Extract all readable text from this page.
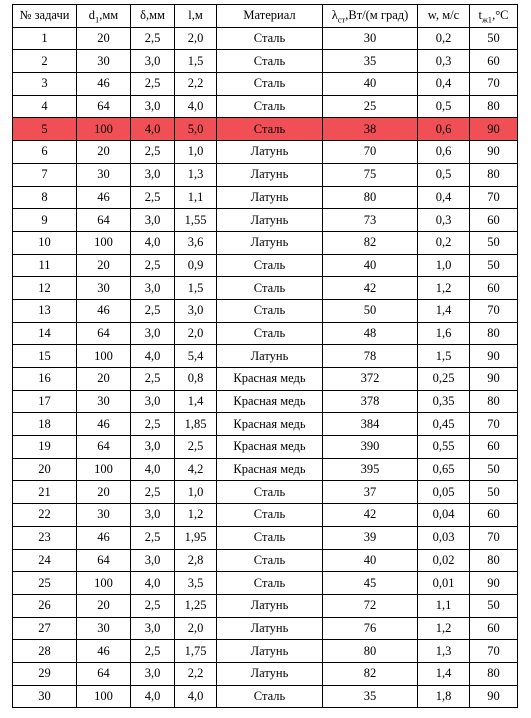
№ задачи	$d_1,мм$	δ,мм	l,м	Материал	$\lambda_{ст},Вт/(м$ град)	w, м/с	$t_{ж1},^\circ С$
1	20	2,5	2,0	Сталь	30	0,2	50
2	30	3,0	1,5	Сталь	35	0,3	60
3	46	2,5	2,2	Сталь	40	0,4	70
4	64	3,0	4,0	Сталь	25	0,5	80
5	100	4,0	5,0	Сталь	38	0,6	90
6	20	2,5	1,0	Латунь	70	0,6	90
7	30	3,0	1,3	Латунь	75	0,5	80
8	46	2,5	1,1	Латунь	80	0,4	70
9	64	3,0	1,55	Латунь	73	0,3	60
10	100	4,0	3,6	Латунь	82	0,2	50
11	20	2,5	0,9	Сталь	40	1,0	50
12	30	3,0	1,5	Сталь	42	1,2	60
13	46	2,5	3,0	Сталь	50	1,4	70
14	64	3,0	2,0	Сталь	48	1,6	80
15	100	4,0	5,4	Латунь	78	1,5	90
16	20	2,5	0,8	Красная медь	372	0,25	90
17	30	3,0	1,4	Красная медь	378	0,35	80
18	46	2,5	1,85	Красная медь	384	0,45	70
19	64	3,0	2,5	Красная медь	390	0,55	60
20	100	4,0	4,2	Красная медь	395	0,65	50
21	20	2,5	1,0	Сталь	37	0,05	50
22	30	3,0	1,2	Сталь	42	0,04	60
23	46	2,5	1,95	Сталь	39	0,03	70
24	64	3,0	2,8	Сталь	40	0,02	80
25	100	4,0	3,5	Сталь	45	0,01	90
26	20	2,5	1,25	Латунь	72	1,1	50
27	30	3,0	2,0	Латунь	76	1,2	60
28	46	2,5	1,75	Латунь	80	1,3	70
29	64	3,0	2,2	Латунь	82	1,4	80
30	100	4,0	4,0	Сталь	35	1,8	90
